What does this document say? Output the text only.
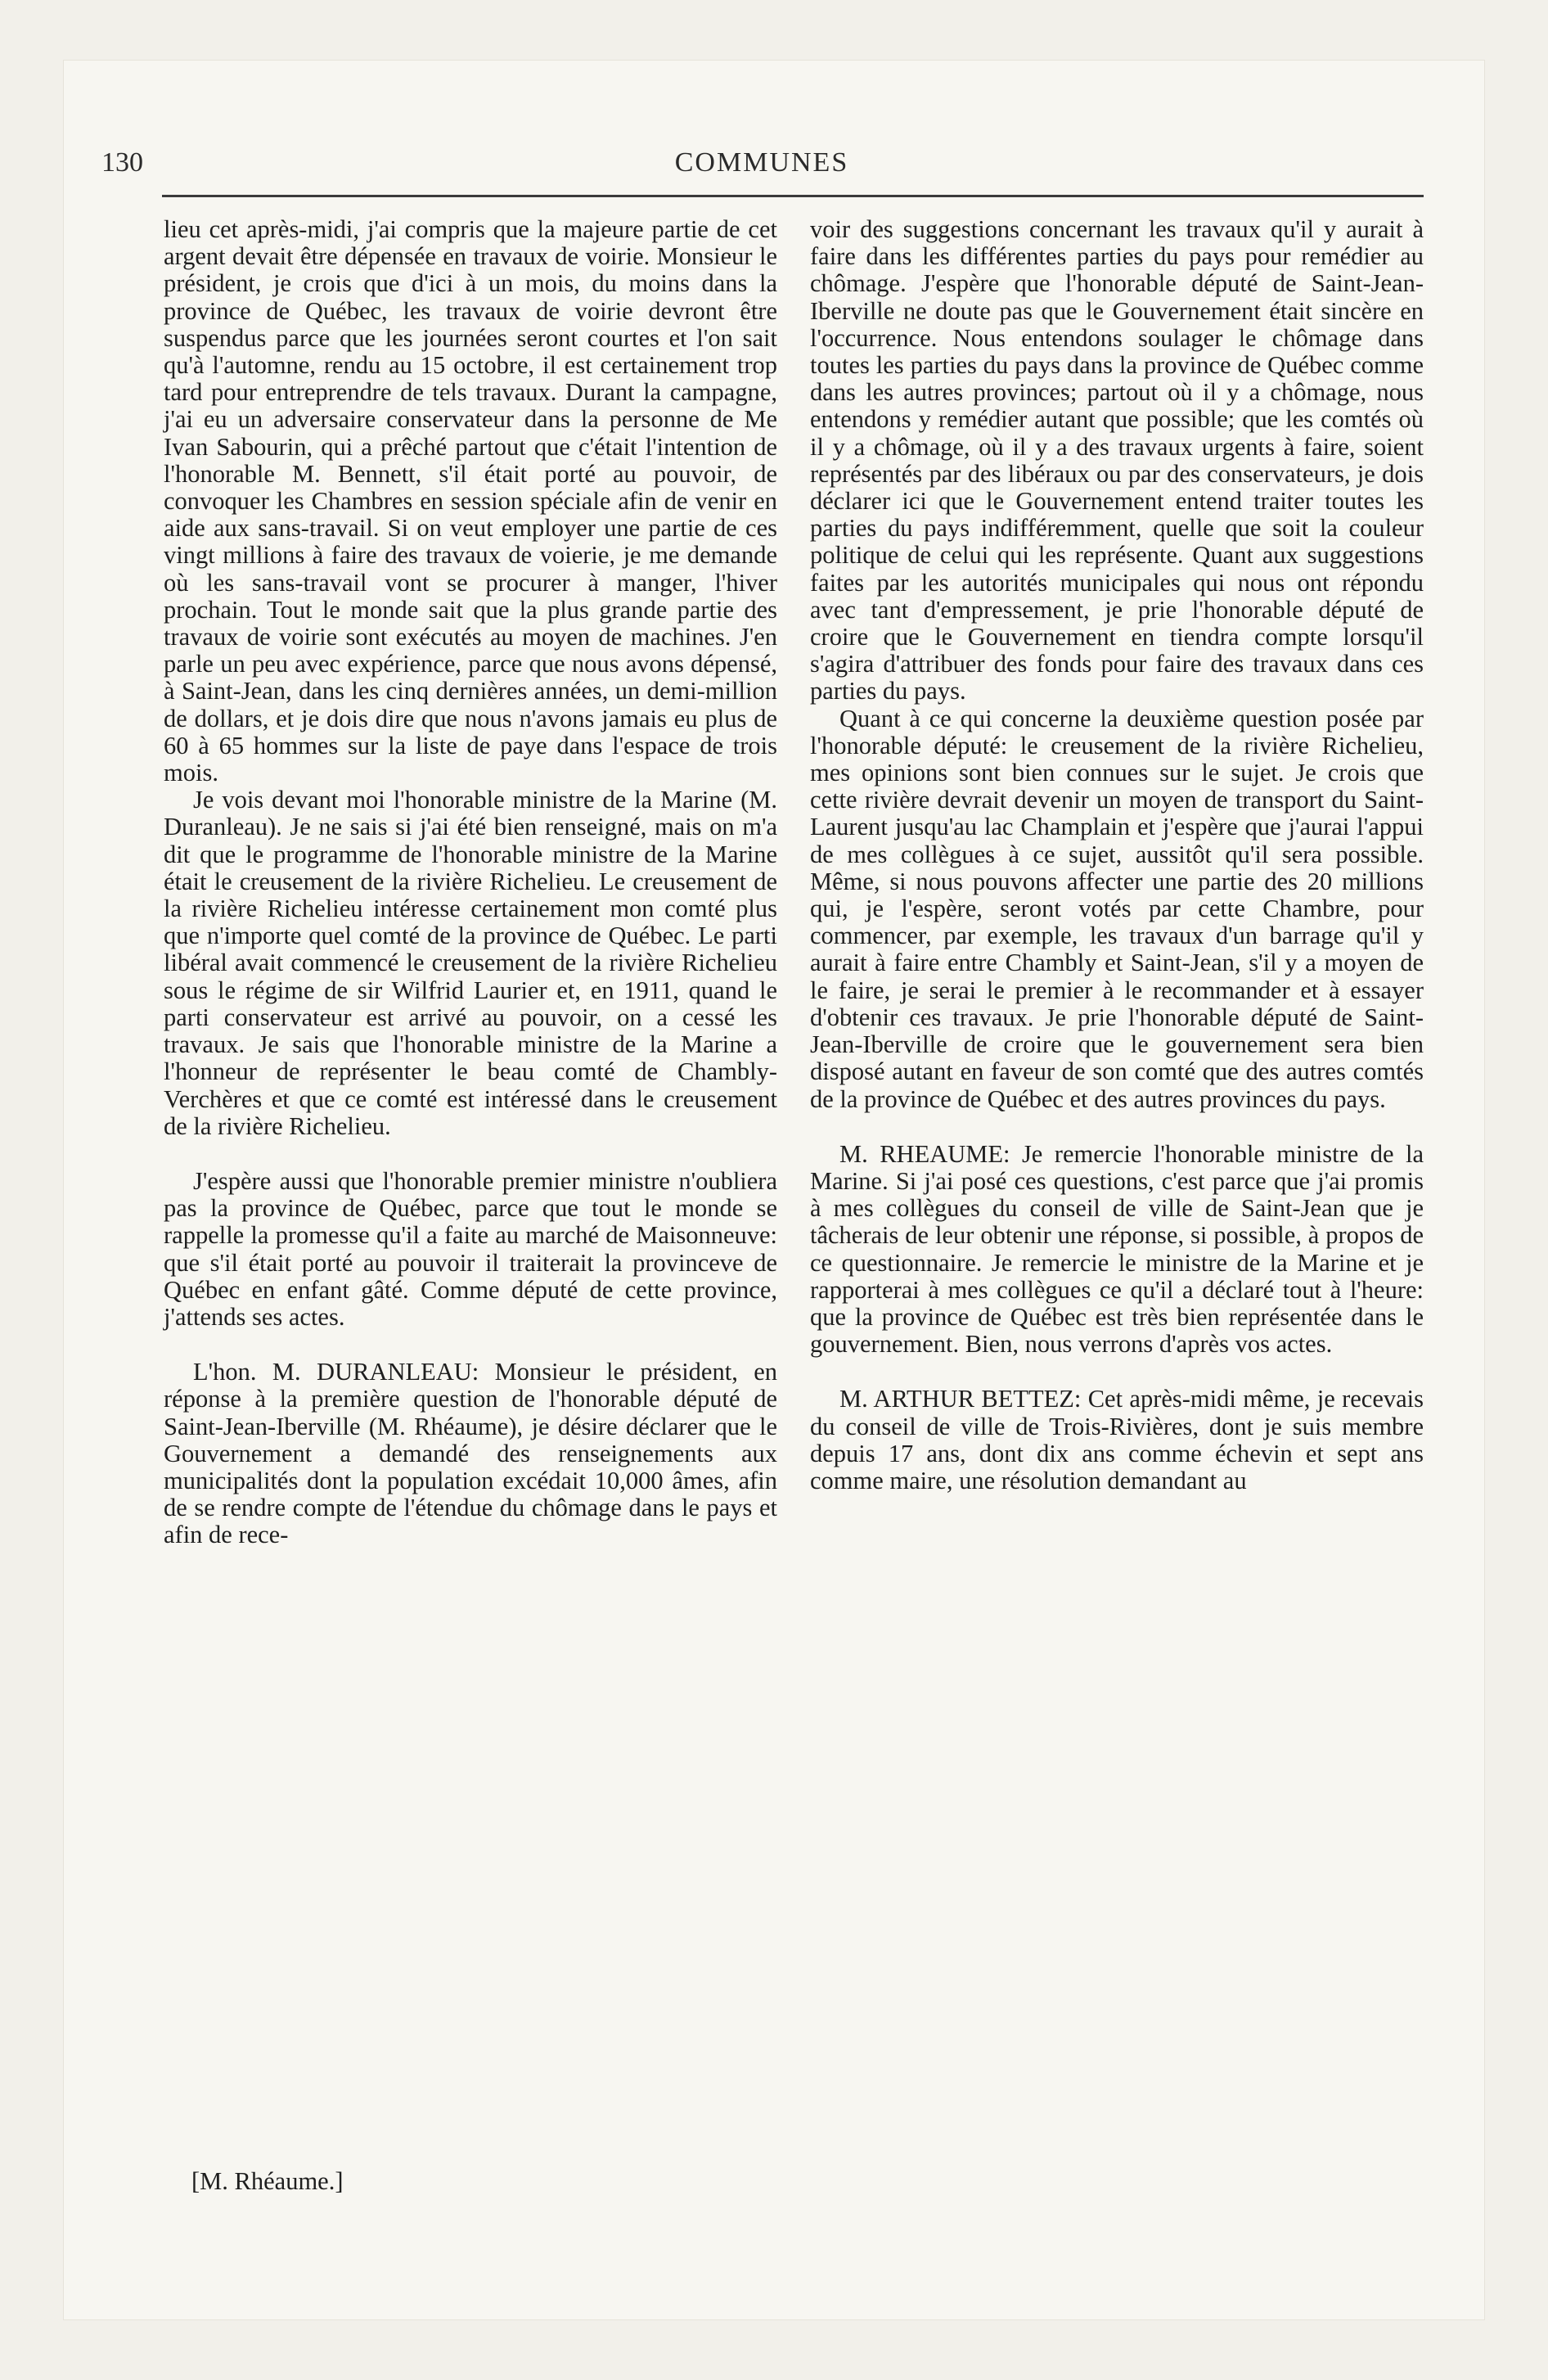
130	COMMUNES

lieu cet après-midi, j'ai compris que la majeure partie de cet argent devait être dépensée en travaux de voirie. Monsieur le président, je crois que d'ici à un mois, du moins dans la province de Québec, les travaux de voirie devront être suspendus parce que les journées seront courtes et l'on sait qu'à l'automne, rendu au 15 octobre, il est certainement trop tard pour entreprendre de tels travaux. Durant la campagne, j'ai eu un adversaire conservateur dans la personne de Me Ivan Sabourin, qui a prêché partout que c'était l'intention de l'honorable M. Bennett, s'il était porté au pouvoir, de convoquer les Chambres en session spéciale afin de venir en aide aux sans-travail. Si on veut employer une partie de ces vingt millions à faire des travaux de voierie, je me demande où les sans-travail vont se procurer à manger, l'hiver prochain. Tout le monde sait que la plus grande partie des travaux de voirie sont exécutés au moyen de machines. J'en parle un peu avec expérience, parce que nous avons dépensé, à Saint-Jean, dans les cinq dernières années, un demi-million de dollars, et je dois dire que nous n'avons jamais eu plus de 60 à 65 hommes sur la liste de paye dans l'espace de trois mois.

Je vois devant moi l'honorable ministre de la Marine (M. Duranleau). Je ne sais si j'ai été bien renseigné, mais on m'a dit que le programme de l'honorable ministre de la Marine était le creusement de la rivière Richelieu. Le creusement de la rivière Richelieu intéresse certainement mon comté plus que n'importe quel comté de la province de Québec. Le parti libéral avait commencé le creusement de la rivière Richelieu sous le régime de sir Wilfrid Laurier et, en 1911, quand le parti conservateur est arrivé au pouvoir, on a cessé les travaux. Je sais que l'honorable ministre de la Marine a l'honneur de représenter le beau comté de Chambly-Verchères et que ce comté est intéressé dans le creusement de la rivière Richelieu.

J'espère aussi que l'honorable premier ministre n'oubliera pas la province de Québec, parce que tout le monde se rappelle la promesse qu'il a faite au marché de Maisonneuve: que s'il était porté au pouvoir il traiterait la provinceve de Québec en enfant gâté. Comme député de cette province, j'attends ses actes.

L'hon. M. DURANLEAU: Monsieur le président, en réponse à la première question de l'honorable député de Saint-Jean-Iberville (M. Rhéaume), je désire déclarer que le Gouvernement a demandé des renseignements aux municipalités dont la population excédait 10,000 âmes, afin de se rendre compte de l'étendue du chômage dans le pays et afin de rece-

voir des suggestions concernant les travaux qu'il y aurait à faire dans les différentes parties du pays pour remédier au chômage. J'espère que l'honorable député de Saint-Jean-Iberville ne doute pas que le Gouvernement était sincère en l'occurrence. Nous entendons soulager le chômage dans toutes les parties du pays dans la province de Québec comme dans les autres provinces; partout où il y a chômage, nous entendons y remédier autant que possible; que les comtés où il y a chômage, où il y a des travaux urgents à faire, soient représentés par des libéraux ou par des conservateurs, je dois déclarer ici que le Gouvernement entend traiter toutes les parties du pays indifféremment, quelle que soit la couleur politique de celui qui les représente. Quant aux suggestions faites par les autorités municipales qui nous ont répondu avec tant d'empressement, je prie l'honorable député de croire que le Gouvernement en tiendra compte lorsqu'il s'agira d'attribuer des fonds pour faire des travaux dans ces parties du pays.

Quant à ce qui concerne la deuxième question posée par l'honorable député: le creusement de la rivière Richelieu, mes opinions sont bien connues sur le sujet. Je crois que cette rivière devrait devenir un moyen de transport du Saint-Laurent jusqu'au lac Champlain et j'espère que j'aurai l'appui de mes collègues à ce sujet, aussitôt qu'il sera possible. Même, si nous pouvons affecter une partie des 20 millions qui, je l'espère, seront votés par cette Chambre, pour commencer, par exemple, les travaux d'un barrage qu'il y aurait à faire entre Chambly et Saint-Jean, s'il y a moyen de le faire, je serai le premier à le recommander et à essayer d'obtenir ces travaux. Je prie l'honorable député de Saint-Jean-Iberville de croire que le gouvernement sera bien disposé autant en faveur de son comté que des autres comtés de la province de Québec et des autres provinces du pays.

M. RHEAUME: Je remercie l'honorable ministre de la Marine. Si j'ai posé ces questions, c'est parce que j'ai promis à mes collègues du conseil de ville de Saint-Jean que je tâcherais de leur obtenir une réponse, si possible, à propos de ce questionnaire. Je remercie le ministre de la Marine et je rapporterai à mes collègues ce qu'il a déclaré tout à l'heure: que la province de Québec est très bien représentée dans le gouvernement. Bien, nous verrons d'après vos actes.

M. ARTHUR BETTEZ: Cet après-midi même, je recevais du conseil de ville de Trois-Rivières, dont je suis membre depuis 17 ans, dont dix ans comme échevin et sept ans comme maire, une résolution demandant au

[M. Rhéaume.]
